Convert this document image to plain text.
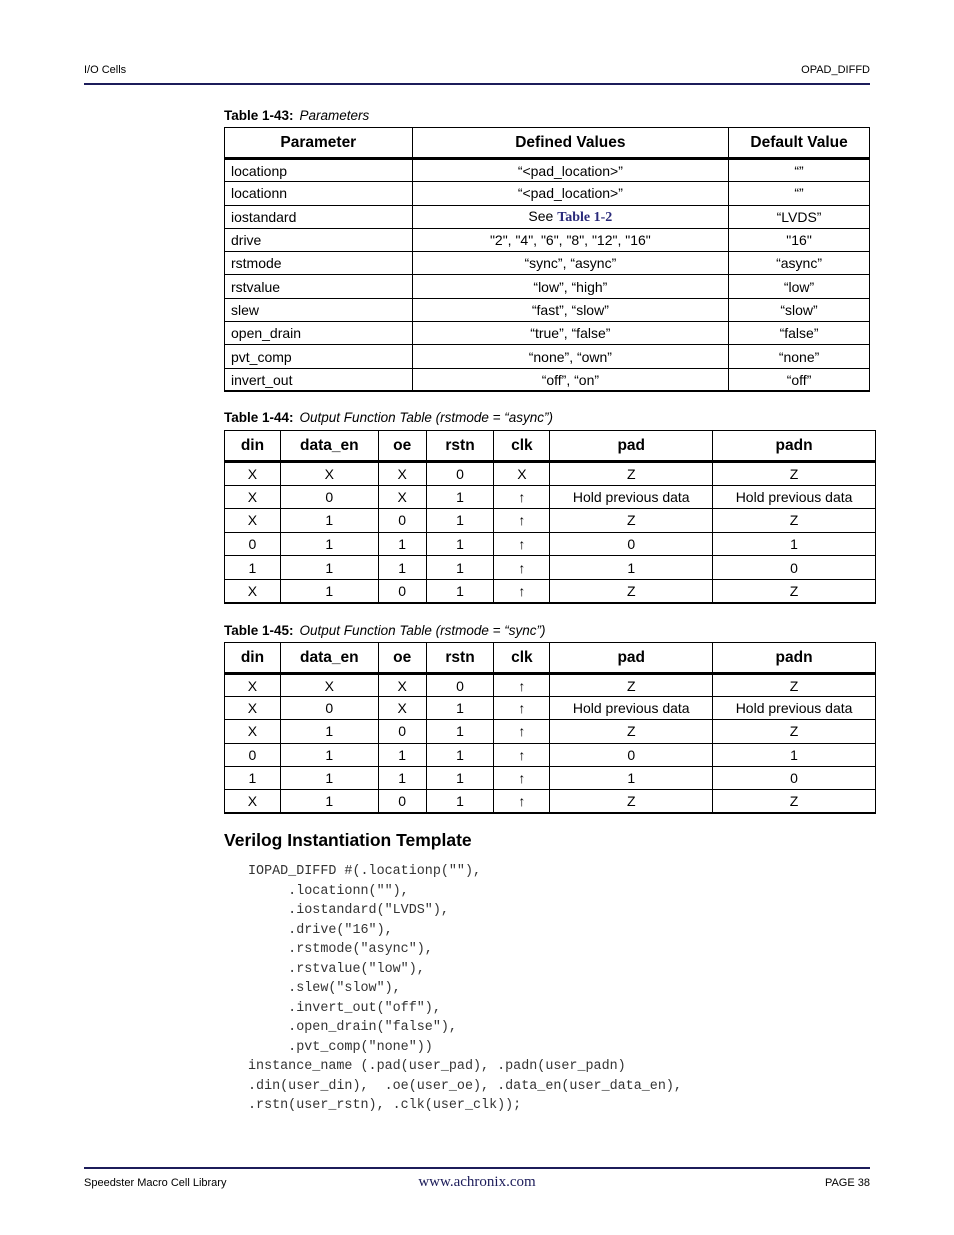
I/O Cells	OPAD_DIFFD
Table 1-43: Parameters
Parameter	Defined Values	Default Value
locationp	“<pad_location>”	“”
locationn	“<pad_location>”	“”
iostandard	See Table 1-2	“LVDS”
drive	"2", "4", "6", "8", "12", "16"	"16"
rstmode	“sync”, “async”	“async”
rstvalue	“low”, “high”	“low”
slew	“fast”, “slow”	“slow”
open_drain	“true”, “false”	“false”
pvt_comp	“none”, “own”	“none”
invert_out	“off”, “on”	“off”
Table 1-44: Output Function Table (rstmode = “async”)
din	data_en	oe	rstn	clk	pad	padn
X	X	X	0	X	Z	Z
X	0	X	1	↑	Hold previous data	Hold previous data
X	1	0	1	↑	Z	Z
0	1	1	1	↑	0	1
1	1	1	1	↑	1	0
X	1	0	1	↑	Z	Z
Table 1-45: Output Function Table (rstmode = “sync”)
din	data_en	oe	rstn	clk	pad	padn
X	X	X	0	↑	Z	Z
X	0	X	1	↑	Hold previous data	Hold previous data
X	1	0	1	↑	Z	Z
0	1	1	1	↑	0	1
1	1	1	1	↑	1	0
X	1	0	1	↑	Z	Z
Verilog Instantiation Template
IOPAD_DIFFD #(.locationp(""),
.locationn(""),
.iostandard("LVDS"),
.drive("16"),
.rstmode("async"),
.rstvalue("low"),
.slew("slow"),
.invert_out("off"),
.open_drain("false"),
.pvt_comp("none"))
instance_name (.pad(user_pad), .padn(user_padn)
.din(user_din),  .oe(user_oe), .data_en(user_data_en),
.rstn(user_rstn), .clk(user_clk));
Speedster Macro Cell Library	www.achronix.com	PAGE 38
